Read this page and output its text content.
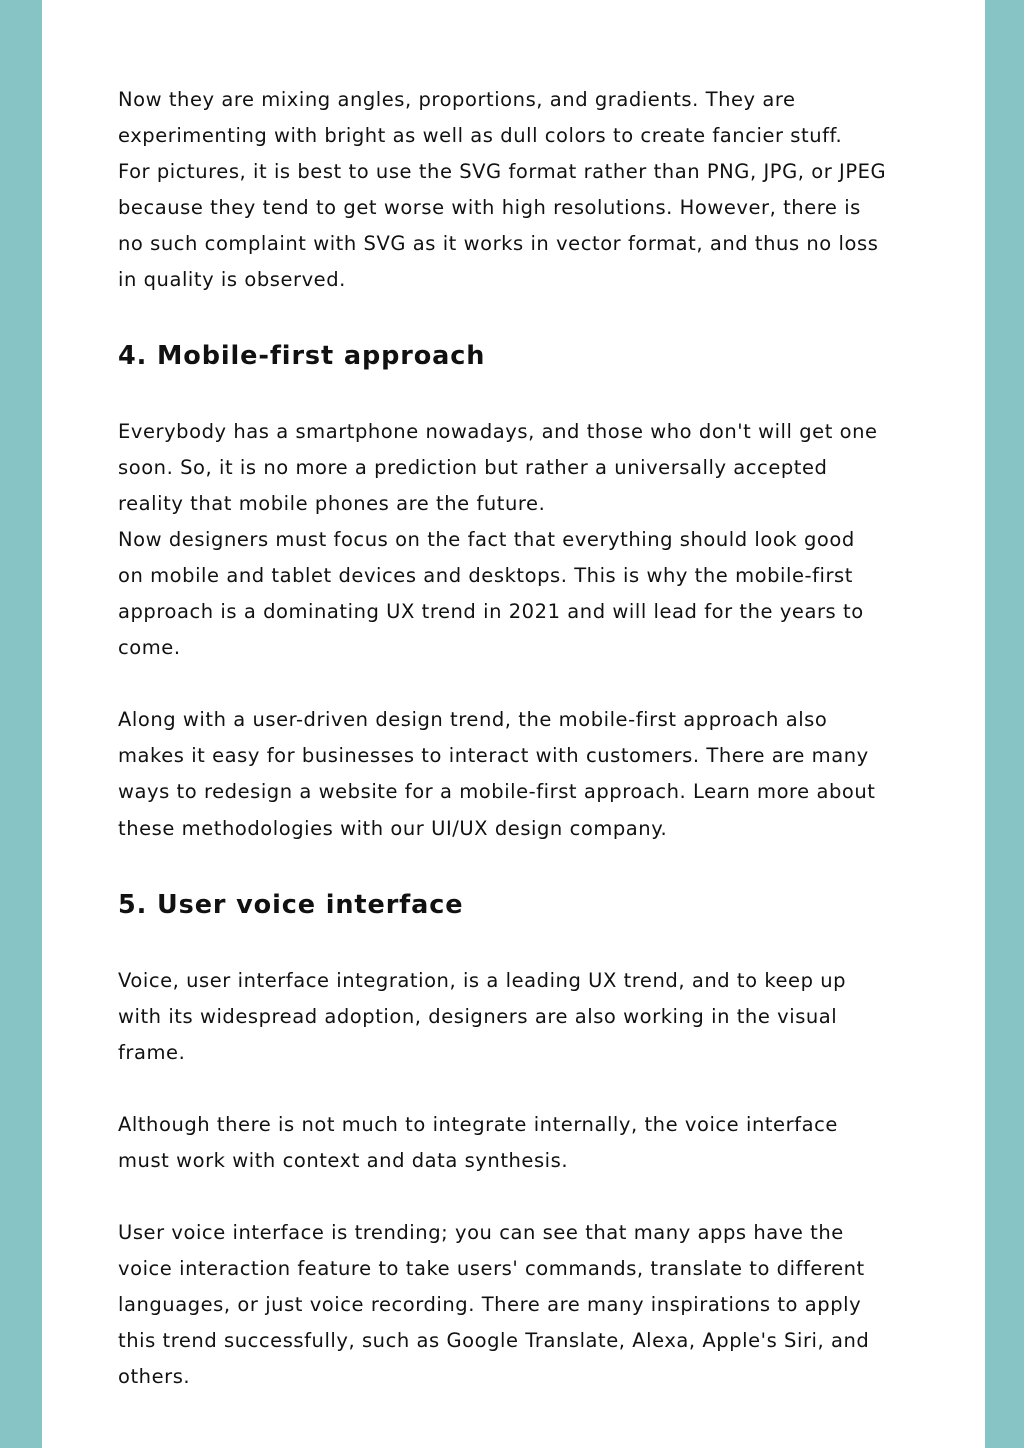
Now they are mixing angles, proportions, and gradients. They are
experimenting with bright as well as dull colors to create fancier stuff.
For pictures, it is best to use the SVG format rather than PNG, JPG, or JPEG
because they tend to get worse with high resolutions. However, there is
no such complaint with SVG as it works in vector format, and thus no loss
in quality is observed.

4. Mobile-first approach

Everybody has a smartphone nowadays, and those who don't will get one
soon. So, it is no more a prediction but rather a universally accepted
reality that mobile phones are the future.
Now designers must focus on the fact that everything should look good
on mobile and tablet devices and desktops. This is why the mobile-first
approach is a dominating UX trend in 2021 and will lead for the years to
come.

Along with a user-driven design trend, the mobile-first approach also
makes it easy for businesses to interact with customers. There are many
ways to redesign a website for a mobile-first approach. Learn more about
these methodologies with our UI/UX design company.

5. User voice interface

Voice, user interface integration, is a leading UX trend, and to keep up
with its widespread adoption, designers are also working in the visual
frame.

Although there is not much to integrate internally, the voice interface
must work with context and data synthesis.

User voice interface is trending; you can see that many apps have the
voice interaction feature to take users' commands, translate to different
languages, or just voice recording. There are many inspirations to apply
this trend successfully, such as Google Translate, Alexa, Apple's Siri, and
others.
